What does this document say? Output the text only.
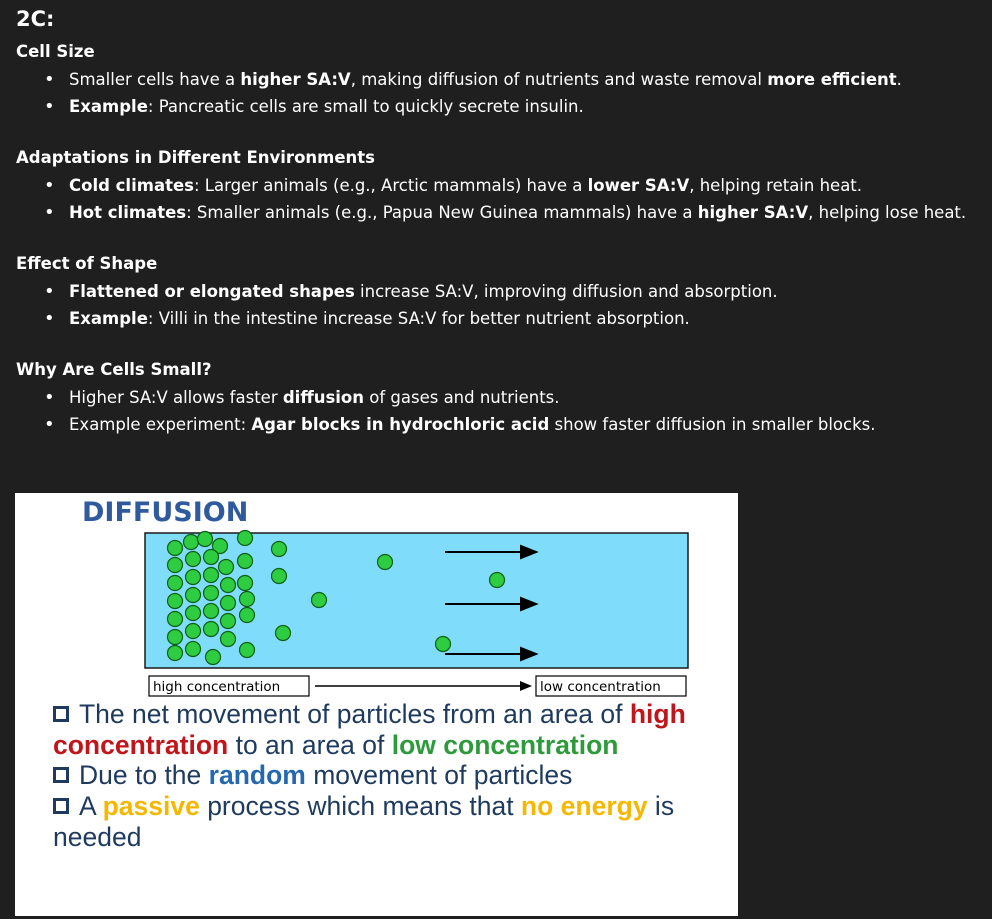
2C:
Cell Size
• Smaller cells have a higher SA:V, making diffusion of nutrients and waste removal more efficient.
• Example: Pancreatic cells are small to quickly secrete insulin.
Adaptations in Different Environments
• Cold climates: Larger animals (e.g., Arctic mammals) have a lower SA:V, helping retain heat.
• Hot climates: Smaller animals (e.g., Papua New Guinea mammals) have a higher SA:V, helping lose heat.
Effect of Shape
• Flattened or elongated shapes increase SA:V, improving diffusion and absorption.
• Example: Villi in the intestine increase SA:V for better nutrient absorption.
Why Are Cells Small?
• Higher SA:V allows faster diffusion of gases and nutrients.
• Example experiment: Agar blocks in hydrochloric acid show faster diffusion in smaller blocks.
DIFFUSION
high concentration	low concentration

The net movement of particles from an area of high concentration to an area of low concentration

Due to the random movement of particles

A passive process which means that no energy is needed
